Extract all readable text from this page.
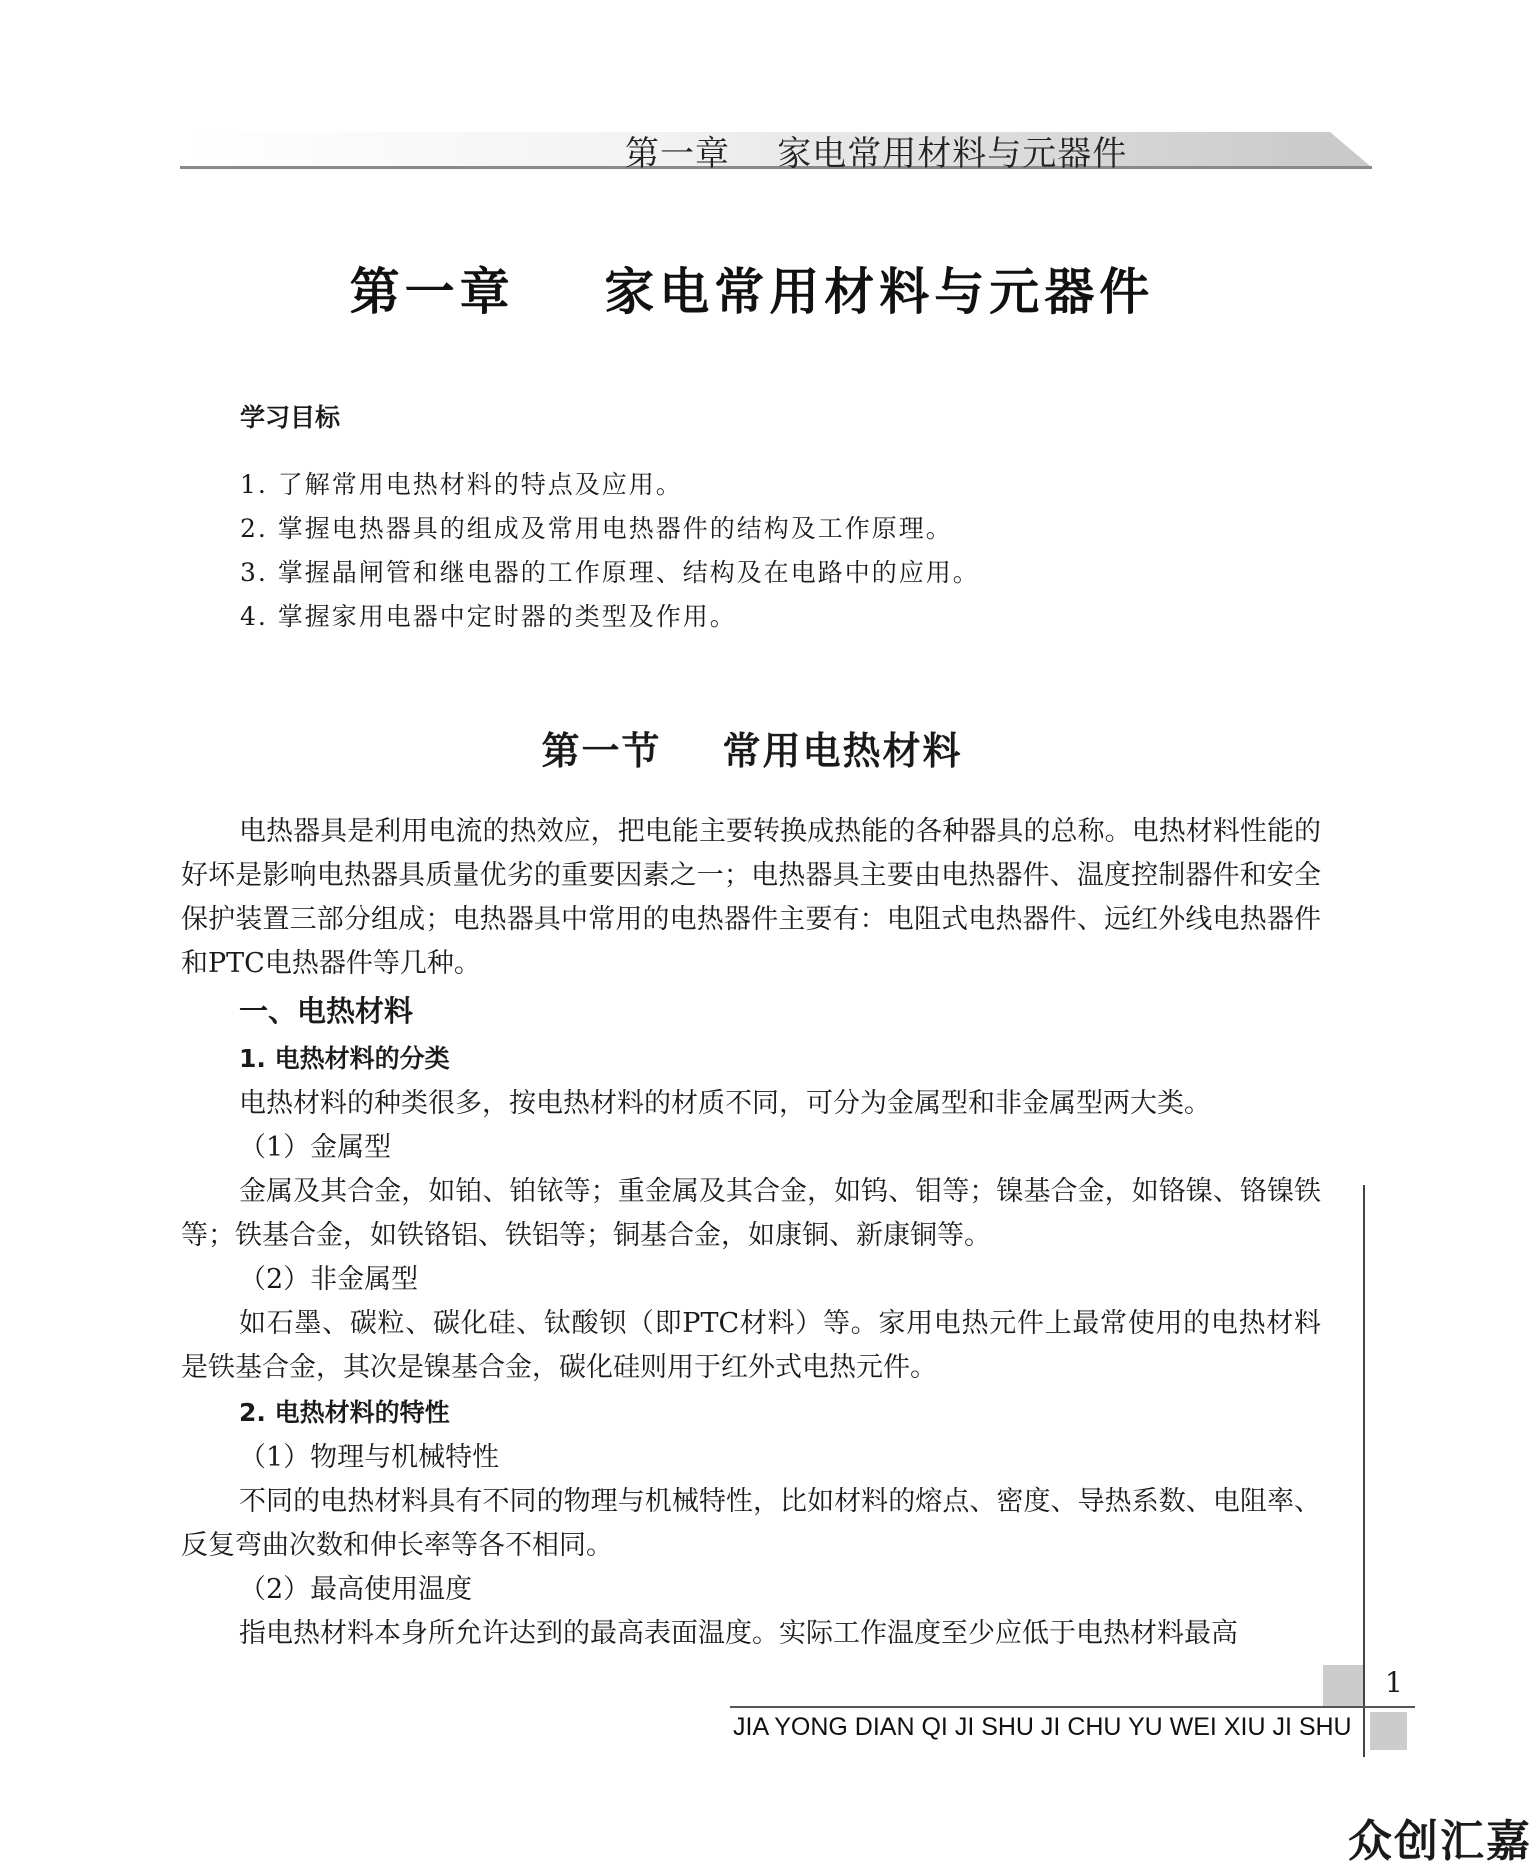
第一章    家电常用材料与元器件
第一章    家电常用材料与元器件
学习目标
1. 了解常用电热材料的特点及应用。
2. 掌握电热器具的组成及常用电热器件的结构及工作原理。
3. 掌握晶闸管和继电器的工作原理、结构及在电路中的应用。
4. 掌握家用电器中定时器的类型及作用。
第一节    常用电热材料

电热器具是利用电流的热效应，把电能主要转换成热能的各种器具的总称。电热材料性能的好坏是影响电热器具质量优劣的重要因素之一；电热器具主要由电热器件、温度控制器件和安全保护装置三部分组成；电热器具中常用的电热器件主要有：电阻式电热器件、远红外线电热器件和PTC电热器件等几种。

一、电热材料
1. 电热材料的分类

电热材料的种类很多，按电热材料的材质不同，可分为金属型和非金属型两大类。

（1）金属型

金属及其合金，如铂、铂铱等；重金属及其合金，如钨、钼等；镍基合金，如铬镍、铬镍铁等；铁基合金，如铁铬铝、铁铝等；铜基合金，如康铜、新康铜等。

（2）非金属型

如石墨、碳粒、碳化硅、钛酸钡（即PTC材料）等。家用电热元件上最常使用的电热材料是铁基合金，其次是镍基合金，碳化硅则用于红外式电热元件。

2. 电热材料的特性
（1）物理与机械特性

不同的电热材料具有不同的物理与机械特性，比如材料的熔点、密度、导热系数、电阻率、反复弯曲次数和伸长率等各不相同。

（2）最高使用温度

指电热材料本身所允许达到的最高表面温度。实际工作温度至少应低于电热材料最高

1
JIA YONG DIAN QI JI SHU JI CHU YU WEI XIU JI SHU
众创汇嘉
